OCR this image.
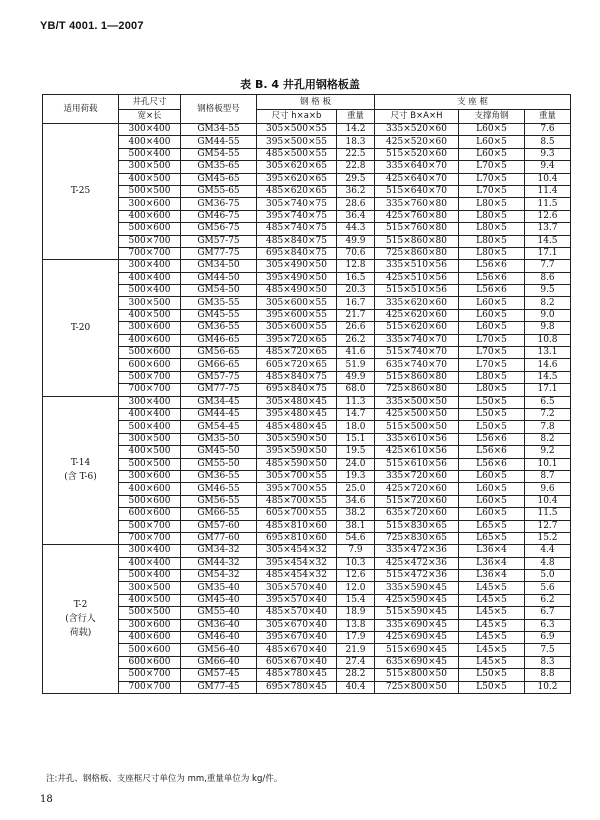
YB/T 4001. 1—2007
表 B. 4 井孔用钢格板盖
适用荷载	井孔尺寸	钢格板型号	钢 格 板		支 座 框		
	宽×长		尺寸 h×a×b	重量	尺寸 B×A×H	支撑角钢	重量

T-25	300×400	GM34-55	305×500×55	14.2	335×520×60	L60×5	7.6
	400×400	GM44-55	395×500×55	18.3	425×520×60	L60×5	8.5
	500×400	GM54-55	485×500×55	22.5	515×520×60	L60×5	9.3
	300×500	GM35-65	305×620×65	22.8	335×640×70	L70×5	9.4
	400×500	GM45-65	395×620×65	29.5	425×640×70	L70×5	10.4
	500×500	GM55-65	485×620×65	36.2	515×640×70	L70×5	11.4
	300×600	GM36-75	305×740×75	28.6	335×760×80	L80×5	11.5
	400×600	GM46-75	395×740×75	36.4	425×760×80	L80×5	12.6
	500×600	GM56-75	485×740×75	44.3	515×760×80	L80×5	13.7
	500×700	GM57-75	485×840×75	49.9	515×860×80	L80×5	14.5
	700×700	GM77-75	695×840×75	70.6	725×860×80	L80×5	17.1

T-20	300×400	GM34-50	305×490×50	12.8	335×510×56	L56×6	7.7
	400×400	GM44-50	395×490×50	16.5	425×510×56	L56×6	8.6
	500×400	GM54-50	485×490×50	20.3	515×510×56	L56×6	9.5
	300×500	GM35-55	305×600×55	16.7	335×620×60	L60×5	8.2
	400×500	GM45-55	395×600×55	21.7	425×620×60	L60×5	9.0
	300×600	GM36-55	305×600×55	26.6	515×620×60	L60×5	9.8
	400×600	GM46-65	395×720×65	26.2	335×740×70	L70×5	10.8
	500×600	GM56-65	485×720×65	41.6	515×740×70	L70×5	13.1
	600×600	GM66-65	605×720×65	51.9	635×740×70	L70×5	14.6
	500×700	GM57-75	485×840×75	49.9	515×860×80	L80×5	14.5
	700×700	GM77-75	695×840×75	68.0	725×860×80	L80×5	17.1

T-14
(含 T-6)	300×400	GM34-45	305×480×45	11.3	335×500×50	L50×5	6.5
	400×400	GM44-45	395×480×45	14.7	425×500×50	L50×5	7.2
	500×400	GM54-45	485×480×45	18.0	515×500×50	L50×5	7.8
	300×500	GM35-50	305×590×50	15.1	335×610×56	L56×6	8.2
	400×500	GM45-50	395×590×50	19.5	425×610×56	L56×6	9.2
	500×500	GM55-50	485×590×50	24.0	515×610×56	L56×6	10.1
	300×600	GM36-55	305×700×55	19.3	335×720×60	L60×5	8.7
	400×600	GM46-55	395×700×55	25.0	425×720×60	L60×5	9.6
	500×600	GM56-55	485×700×55	34.6	515×720×60	L60×5	10.4
	600×600	GM66-55	605×700×55	38.2	635×720×60	L60×5	11.5
	500×700	GM57-60	485×810×60	38.1	515×830×65	L65×5	12.7
	700×700	GM77-60	695×810×60	54.6	725×830×65	L65×5	15.2

T-2
(含行人
荷载)	300×400	GM34-32	305×454×32	7.9	335×472×36	L36×4	4.4
	400×400	GM44-32	395×454×32	10.3	425×472×36	L36×4	4.8
	500×400	GM54-32	485×454×32	12.6	515×472×36	L36×4	5.0
	300×500	GM35-40	305×570×40	12.0	335×590×45	L45×5	5.6
	400×500	GM45-40	395×570×40	15.4	425×590×45	L45×5	6.2
	500×500	GM55-40	485×570×40	18.9	515×590×45	L45×5	6.7
	300×600	GM36-40	305×670×40	13.8	335×690×45	L45×5	6.3
	400×600	GM46-40	395×670×40	17.9	425×690×45	L45×5	6.9
	500×600	GM56-40	485×670×40	21.9	515×690×45	L45×5	7.5
	600×600	GM66-40	605×670×40	27.4	635×690×45	L45×5	8.3
	500×700	GM57-45	485×780×45	28.2	515×800×50	L50×5	8.8
	700×700	GM77-45	695×780×45	40.4	725×800×50	L50×5	10.2
注:井孔、钢格板、支座框尺寸单位为 mm,重量单位为 kg/件。
18
